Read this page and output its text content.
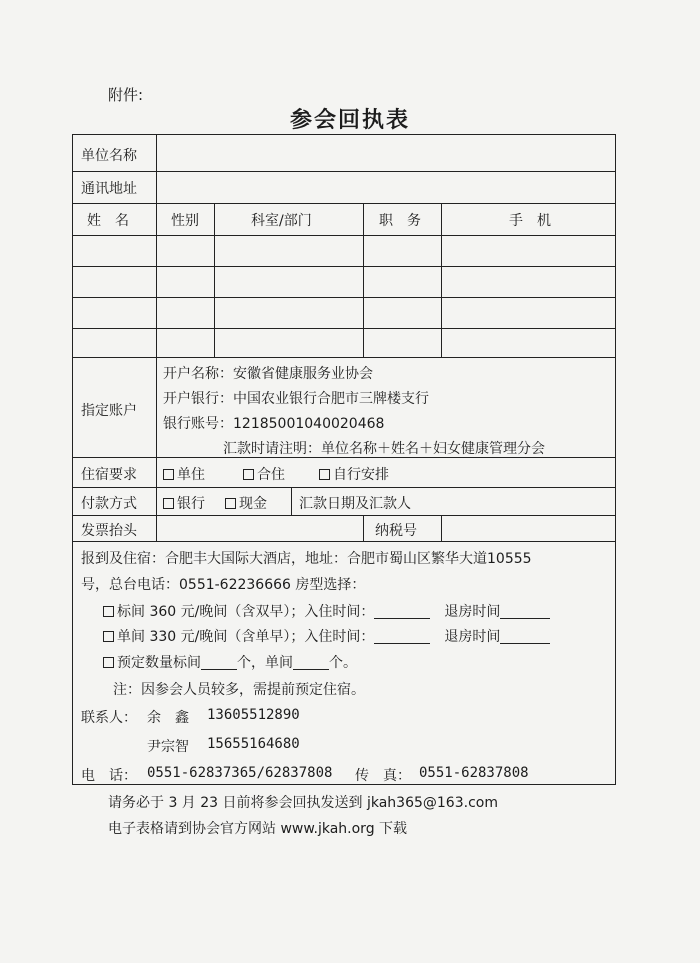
附件:
参会回执表
单位名称
通讯地址
姓　名	性别	科室/部门	职　务	手　机
指定账户
开户名称：安徽省健康服务业协会
开户银行：中国农业银行合肥市三牌楼支行
银行账号：12185001040020468
汇款时请注明：单位名称＋姓名＋妇女健康管理分会
住宿要求	单住	合住	自行安排
付款方式	银行	现金 汇款日期及汇款人
发票抬头	纳税号
报到及住宿：合肥丰大国际大酒店，地址：合肥市蜀山区繁华大道10555
号，总台电话：0551-62236666 房型选择：
标间 360 元/晚间（含双早）；入住时间：　	退房时间
单间 330 元/晚间（含单早）；入住时间：　	退房时间
预定数量标间	个，单间	个。
注：因参会人员较多，需提前预定住宿。
联系人： 余　鑫 13605512890
尹宗智 15655164680
电　话： 0551-62837365/62837808 传　真： 0551-62837808
请务必于 3 月 23 日前将参会回执发送到 jkah365@163.com
电子表格请到协会官方网站 www.jkah.org 下载
